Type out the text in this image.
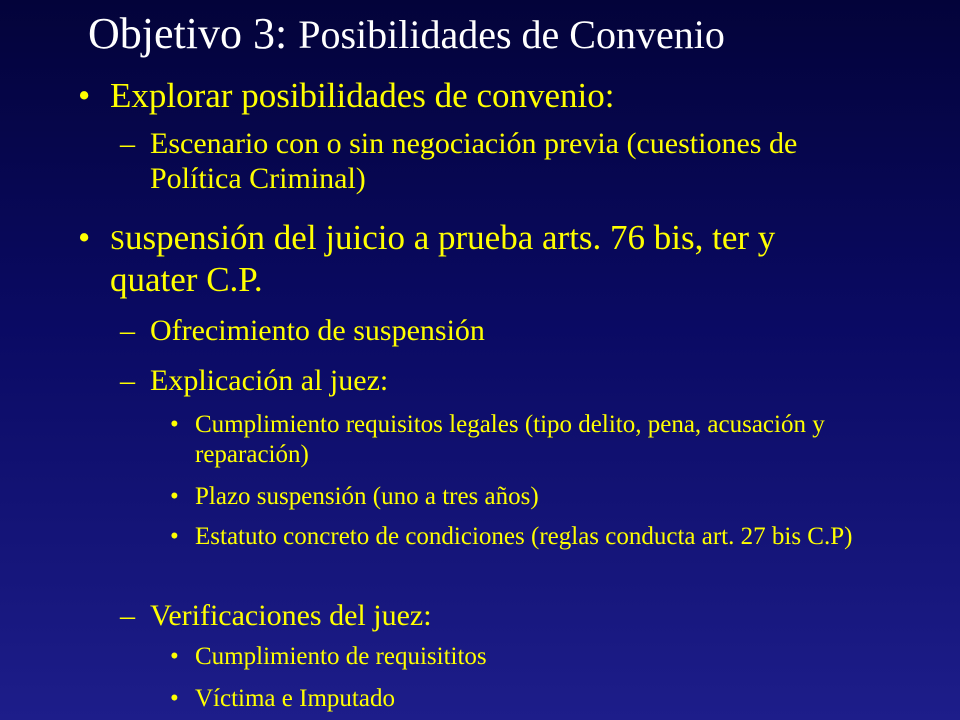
Objetivo 3: Posibilidades de Convenio
• Explorar posibilidades de convenio:
– Escenario con o sin negociación previa (cuestiones de Política Criminal)
• Suspensión del juicio a prueba arts. 76 bis, ter y quater C.P.
– Ofrecimiento de suspensión
– Explicación al juez:
• Cumplimiento requisitos legales (tipo delito, pena, acusación y reparación)
• Plazo suspensión (uno a tres años)
• Estatuto concreto de condiciones (reglas conducta art. 27 bis C.P)
– Verificaciones del juez:
• Cumplimiento de requisititos
• Víctima e Imputado
